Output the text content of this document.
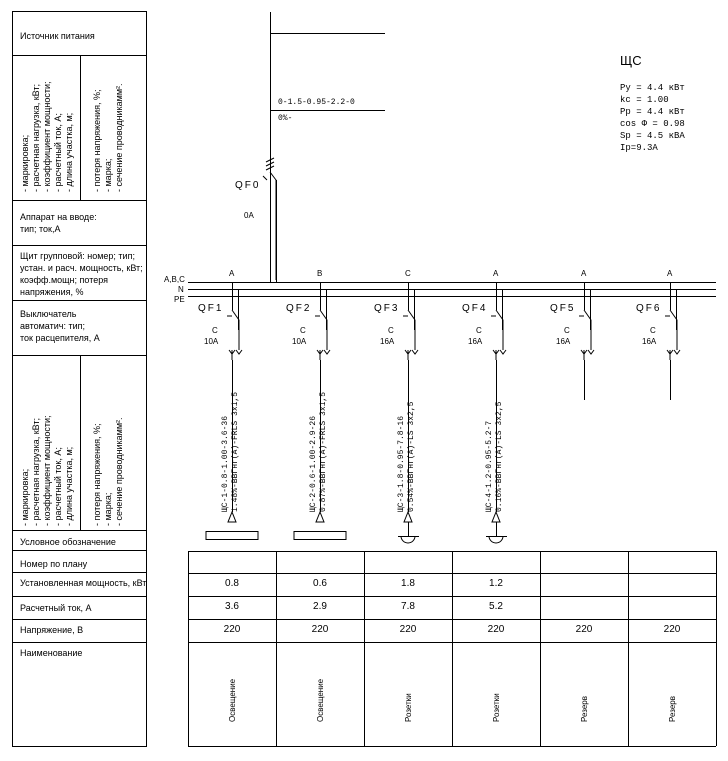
Источник питания
- маркировка; - расчетная нагрузка, кВт; - коэффициент мощности; - расчетный ток, А; - длина участка, м; - потеря напряжения, %; - марка; - сечение проводникамм².
Аппарат на вводе:
тип; ток,А
Щит групповой: номер; тип;
устан. и расч. мощность, кВт;
коэфф.мощн; потеря
напряжения, %
Выключатель
автоматич: тип;
ток расцепителя, А
- маркировка; - расчетная нагрузка, кВт; - коэффициент мощности; - расчетный ток, А; - длина участка, м; - потеря напряжения, %; - марка; - сечение проводникамм².
Условное обозначение
Номер по плану
Установленная мощность, кВт
Расчетный ток, А
Напряжение, В
Наименование
0-1.5-0.95-2.2-0
0%-
QF0
0A
ЩС
Py = 4.4 кВт
kc = 1.00
Pp = 4.4 кВт
cos Ф = 0.98
Sp = 4.5 кВА
Ip=9.3A
A,B,C
N
PE
A
QF1
C
10A
ЩС-1-0.8-1.00-3.6-36 1.48%-ВВГнг(А)-FRLS 3x1,5
0.8
3.6
220
Освещение
B
QF2
C
10A
ЩС-2-0.6-1.00-2.9-26 0.87%-ВВГнг(А)-FRLS 3x1,5
0.6
2.9
220
Освещение
C
QF3
C
16A
ЩС-3-1.8-0.95-7.8-16 0.54%-ВВГнг(А)-LS 3x2,5
1.8
7.8
220
Розетки
A
QF4
C
16A
ЩС-4-1.2-0.95-5.2-7 0.16%-ВВГнг(А)-LS 3x2,5
1.2
5.2
220
Розетки
A
QF5
C
16A
220
Резерв
A
QF6
C
16A
220
Резерв
